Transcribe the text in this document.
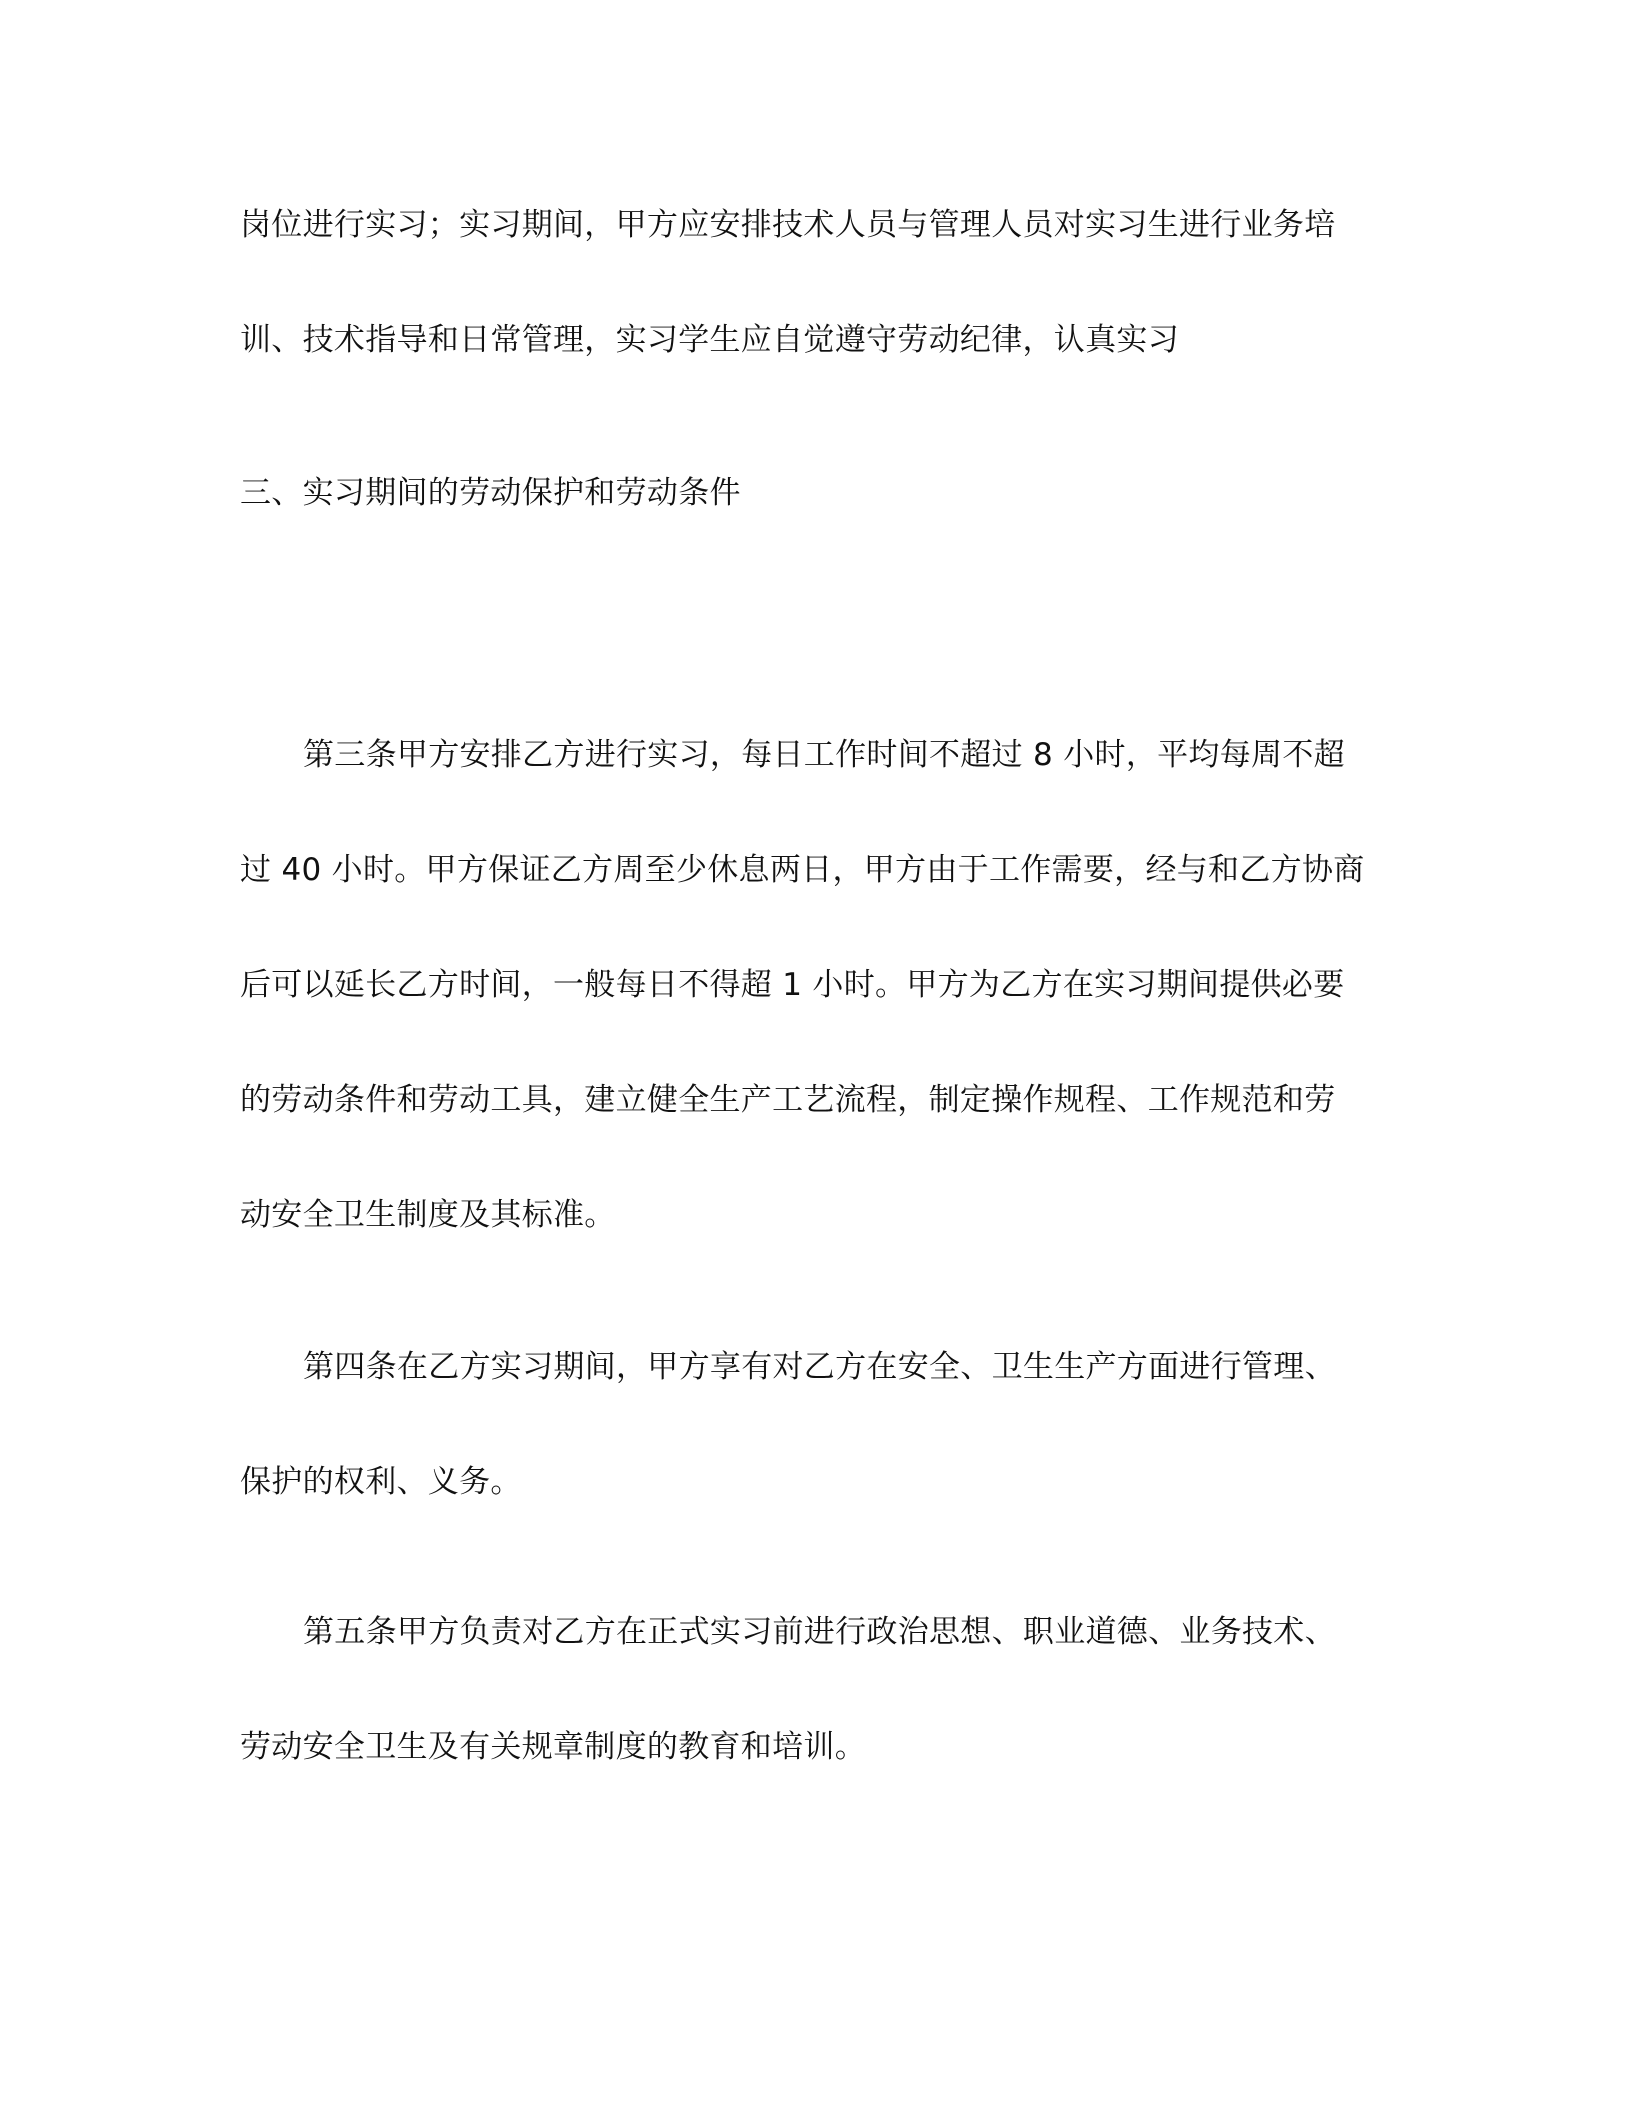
岗位进行实习；实习期间，甲方应安排技术人员与管理人员对实习生进行业务培
训、技术指导和日常管理，实习学生应自觉遵守劳动纪律，认真实习
三、实习期间的劳动保护和劳动条件
第三条甲方安排乙方进行实习，每日工作时间不超过 8 小时，平均每周不超
过 40 小时。甲方保证乙方周至少休息两日，甲方由于工作需要，经与和乙方协商
后可以延长乙方时间，一般每日不得超 1 小时。甲方为乙方在实习期间提供必要
的劳动条件和劳动工具，建立健全生产工艺流程，制定操作规程、工作规范和劳
动安全卫生制度及其标准。
第四条在乙方实习期间，甲方享有对乙方在安全、卫生生产方面进行管理、
保护的权利、义务。
第五条甲方负责对乙方在正式实习前进行政治思想、职业道德、业务技术、
劳动安全卫生及有关规章制度的教育和培训。
